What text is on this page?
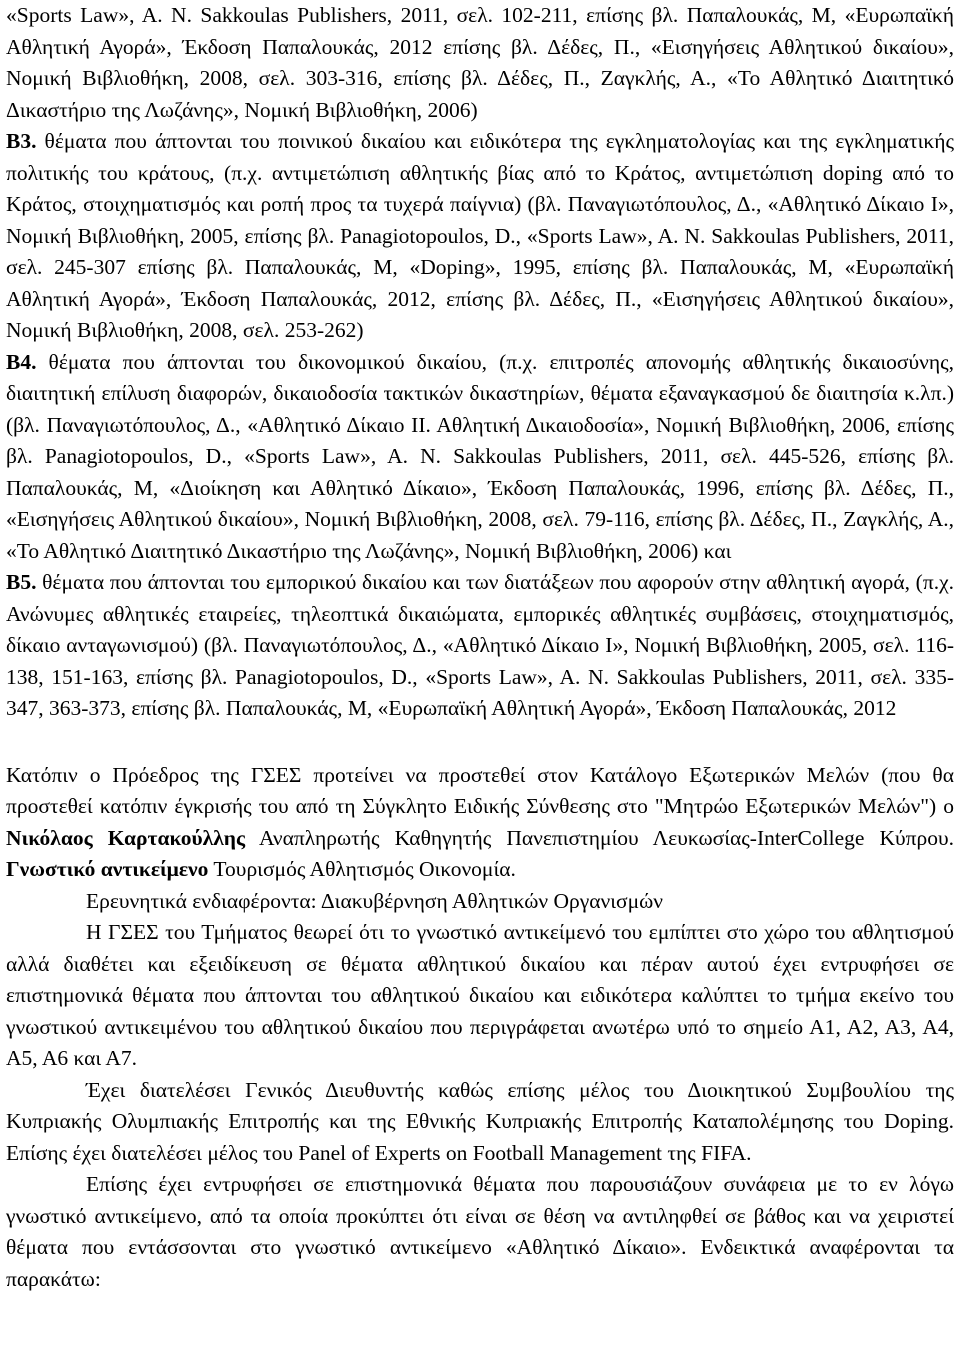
«Sports Law», A. N. Sakkoulas Publishers, 2011, σελ. 102-211, επίσης βλ. Παπαλουκάς, Μ, «Ευρωπαϊκή Αθλητική Αγορά», Έκδοση Παπαλουκάς, 2012 επίσης βλ. Δέδες, Π., «Εισηγήσεις Αθλητικού δικαίου», Νομική Βιβλιοθήκη, 2008, σελ. 303-316, επίσης βλ. Δέδες, Π., Ζαγκλής, Α., «Το Αθλητικό Διαιτητικό Δικαστήριο της Λωζάνης», Νομική Βιβλιοθήκη, 2006)

B3. θέματα που άπτονται του ποινικού δικαίου και ειδικότερα της εγκληματολογίας και της εγκληματικής πολιτικής του κράτους, (π.χ. αντιμετώπιση αθλητικής βίας από το Κράτος, αντιμετώπιση doping από το Κράτος, στοιχηματισμός και ροπή προς τα τυχερά παίγνια) (βλ. Παναγιωτόπουλος, Δ., «Αθλητικό Δίκαιο Ι», Νομική Βιβλιοθήκη, 2005, επίσης βλ. Panagiotopoulos, D., «Sports Law», A. N. Sakkoulas Publishers, 2011, σελ. 245-307 επίσης βλ. Παπαλουκάς, Μ, «Doping», 1995, επίσης βλ. Παπαλουκάς, Μ, «Ευρωπαϊκή Αθλητική Αγορά», Έκδοση Παπαλουκάς, 2012, επίσης βλ. Δέδες, Π., «Εισηγήσεις Αθλητικού δικαίου», Νομική Βιβλιοθήκη, 2008, σελ. 253-262)

B4. θέματα που άπτονται του δικονομικού δικαίου, (π.χ. επιτροπές απονομής αθλητικής δικαιοσύνης, διαιτητική επίλυση διαφορών, δικαιοδοσία τακτικών δικαστηρίων, θέματα εξαναγκασμού δε διαιτησία κ.λπ.) (βλ. Παναγιωτόπουλος, Δ., «Αθλητικό Δίκαιο ΙΙ. Αθλητική Δικαιοδοσία», Νομική Βιβλιοθήκη, 2006, επίσης βλ. Panagiotopoulos, D., «Sports Law», A. N. Sakkoulas Publishers, 2011, σελ. 445-526, επίσης βλ. Παπαλουκάς, Μ, «Διοίκηση και Αθλητικό Δίκαιο», Έκδοση Παπαλουκάς, 1996, επίσης βλ. Δέδες, Π., «Εισηγήσεις Αθλητικού δικαίου», Νομική Βιβλιοθήκη, 2008, σελ. 79-116, επίσης βλ. Δέδες, Π., Ζαγκλής, Α., «Το Αθλητικό Διαιτητικό Δικαστήριο της Λωζάνης», Νομική Βιβλιοθήκη, 2006) και

B5. θέματα που άπτονται του εμπορικού δικαίου και των διατάξεων που αφορούν στην αθλητική αγορά, (π.χ. Ανώνυμες αθλητικές εταιρείες, τηλεοπτικά δικαιώματα, εμπορικές αθλητικές συμβάσεις, στοιχηματισμός, δίκαιο ανταγωνισμού) (βλ. Παναγιωτόπουλος, Δ., «Αθλητικό Δίκαιο Ι», Νομική Βιβλιοθήκη, 2005, σελ. 116-138, 151-163, επίσης βλ. Panagiotopoulos, D., «Sports Law», A. N. Sakkoulas Publishers, 2011, σελ. 335-347, 363-373, επίσης βλ. Παπαλουκάς, Μ, «Ευρωπαϊκή Αθλητική Αγορά», Έκδοση Παπαλουκάς, 2012

Κατόπιν ο Πρόεδρος της ΓΣΕΣ προτείνει να προστεθεί στον Κατάλογο Εξωτερικών Μελών (που θα προστεθεί κατόπιν έγκρισής του από τη Σύγκλητο Ειδικής Σύνθεσης στο "Μητρώο Εξωτερικών Μελών") ο Νικόλαος Καρτακούλλης Αναπληρωτής Καθηγητής Πανεπιστημίου Λευκωσίας-InterCollege Κύπρου. Γνωστικό αντικείμενο Τουρισμός Αθλητισμός Οικονομία.

Ερευνητικά ενδιαφέροντα: Διακυβέρνηση Αθλητικών Οργανισμών

Η ΓΣΕΣ του Τμήματος θεωρεί ότι το γνωστικό αντικείμενό του εμπίπτει στο χώρο του αθλητισμού αλλά διαθέτει και εξειδίκευση σε θέματα αθλητικού δικαίου και πέραν αυτού έχει εντρυφήσει σε επιστημονικά θέματα που άπτονται του αθλητικού δικαίου και ειδικότερα καλύπτει το τμήμα εκείνο του γνωστικού αντικειμένου του αθλητικού δικαίου που περιγράφεται ανωτέρω υπό το σημείο Α1, Α2, Α3, Α4, Α5, Α6 και Α7.

Έχει διατελέσει Γενικός Διευθυντής καθώς επίσης μέλος του Διοικητικού Συμβουλίου της Κυπριακής Ολυμπιακής Επιτροπής και της Εθνικής Κυπριακής Επιτροπής Καταπολέμησης του Doping. Επίσης έχει διατελέσει μέλος του Panel of Experts on Football Management της FIFA.

Επίσης έχει εντρυφήσει σε επιστημονικά θέματα που παρουσιάζουν συνάφεια με το εν λόγω γνωστικό αντικείμενο, από τα οποία προκύπτει ότι είναι σε θέση να αντιληφθεί σε βάθος και να χειριστεί θέματα που εντάσσονται στο γνωστικό αντικείμενο «Αθλητικό Δίκαιο». Ενδεικτικά αναφέρονται τα παρακάτω:
